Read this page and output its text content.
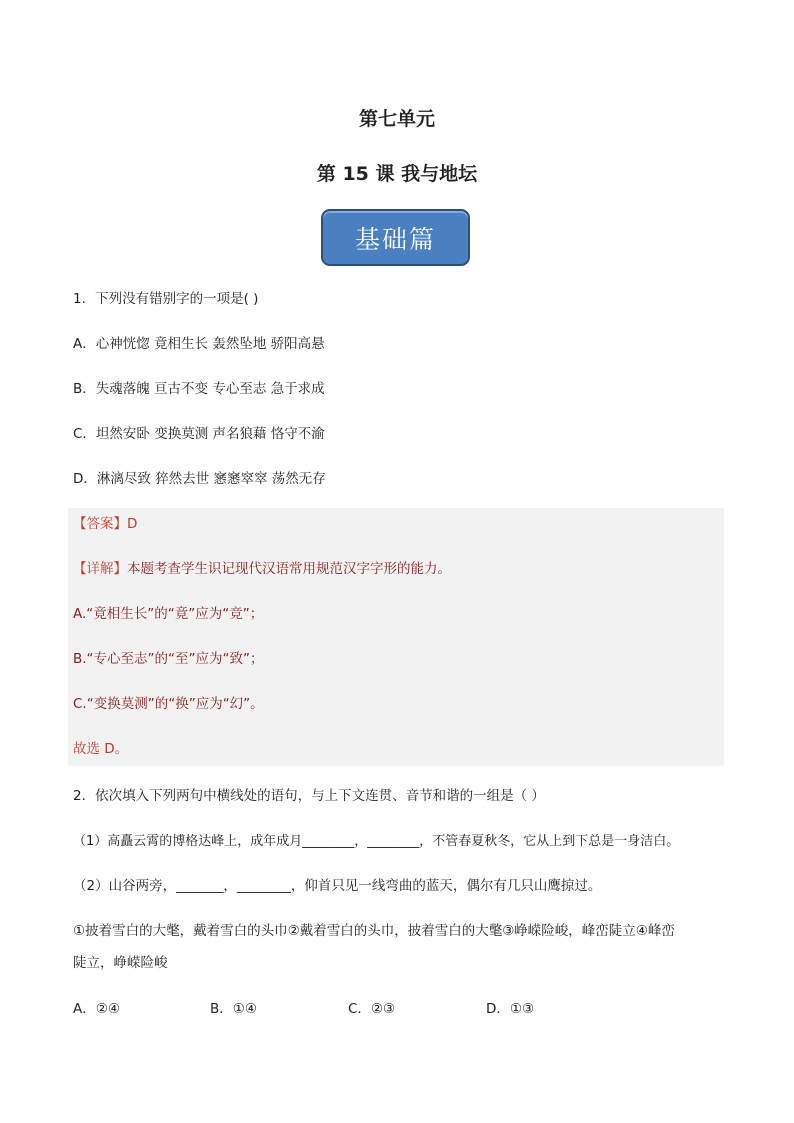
第七单元
第 15 课 我与地坛
基础篇
1．下列没有错别字的一项是( )
A．心神恍惚 竟相生长 轰然坠地 骄阳高悬
B．失魂落魄 亘古不变 专心至志 急于求成
C．坦然安卧 变换莫测 声名狼藉 恪守不渝
D．淋漓尽致 猝然去世 窸窸窣窣 荡然无存
【答案】D
【详解】本题考查学生识记现代汉语常用规范汉字字形的能力。
A.“竟相生长”的“竟”应为“竞”；
B.“专心至志”的“至”应为“致”；
C.“变换莫测”的“换”应为“幻”。
故选 D。
2．依次填入下列两句中横线处的语句，与上下文连贯、音节和谐的一组是（ ）
（1）高矗云霄的博格达峰上，成年成月________，________，不管春夏秋冬，它从上到下总是一身洁白。
（2）山谷两旁，_______，________，仰首只见一线弯曲的蓝天，偶尔有几只山鹰掠过。
①披着雪白的大氅，戴着雪白的头巾②戴着雪白的头巾，披着雪白的大氅③峥嵘险峻，峰峦陡立④峰峦
陡立，峥嵘险峻
A．②④	B．①④	C．②③	D．①③
